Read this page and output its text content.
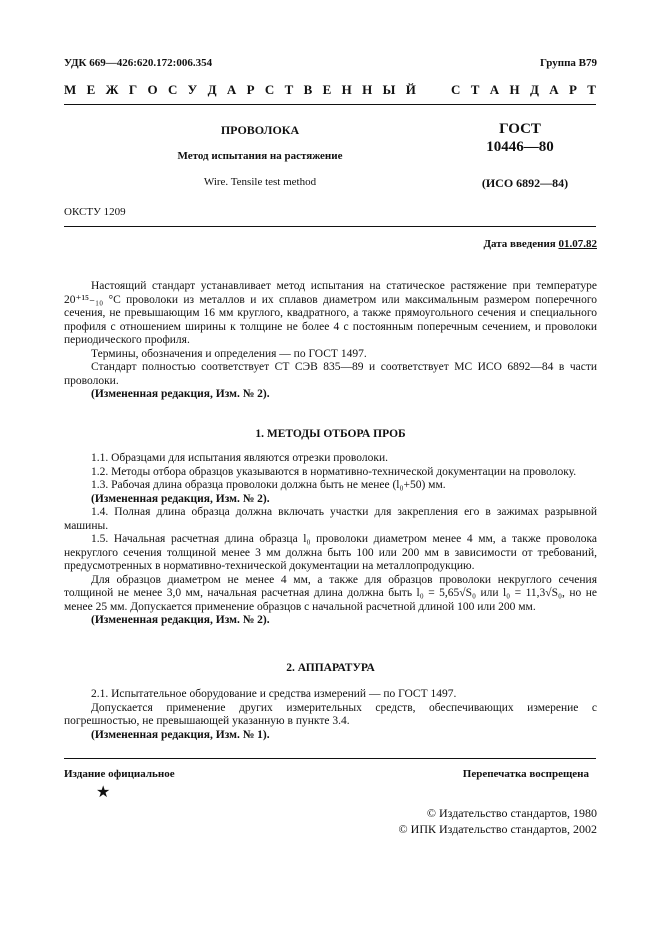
УДК 669—426:620.172:006.354	Группа В79
М Е Ж Г О С У Д А Р С Т В Е Н Н Ы Й	С Т А Н Д А Р Т
ПРОВОЛОКА
Метод испытания на растяжение
Wire. Tensile test method
ГОСТ
10446—80
(ИСО 6892—84)
ОКСТУ 1209
Дата введения 01.07.82

Настоящий стандарт устанавливает метод испытания на статическое растяжение при температуре 20⁺¹⁵₋₁₀ °С проволоки из металлов и их сплавов диаметром или максимальным размером поперечного сечения, не превышающим 16 мм круглого, квадратного, а также прямоугольного сечения и специального профиля с отношением ширины к толщине не более 4 с постоянным поперечным сечением, и проволоки периодического профиля.

Термины, обозначения и определения — по ГОСТ 1497.

Стандарт полностью соответствует СТ СЭВ 835—89 и соответствует МС ИСО 6892—84 в части проволоки.

(Измененная редакция, Изм. № 2).

1. МЕТОДЫ ОТБОРА ПРОБ

1.1. Образцами для испытания являются отрезки проволоки.

1.2. Методы отбора образцов указываются в нормативно-технической документации на проволоку.

1.3. Рабочая длина образца проволоки должна быть не менее (l₀+50) мм.

(Измененная редакция, Изм. № 2).

1.4. Полная длина образца должна включать участки для закрепления его в зажимах разрывной машины.

1.5. Начальная расчетная длина образца l₀ проволоки диаметром менее 4 мм, а также проволока некруглого сечения толщиной менее 3 мм должна быть 100 или 200 мм в зависимости от требований, предусмотренных в нормативно-технической документации на металлопродукцию.

Для образцов диаметром не менее 4 мм, а также для образцов проволоки некруглого сечения толщиной не менее 3,0 мм, начальная расчетная длина должна быть l₀ = 5,65√S₀ или l₀ = 11,3√S₀, но не менее 25 мм. Допускается применение образцов с начальной расчетной длиной 100 или 200 мм.

(Измененная редакция, Изм. № 2).

2. АППАРАТУРА

2.1. Испытательное оборудование и средства измерений — по ГОСТ 1497.

Допускается применение других измерительных средств, обеспечивающих измерение с погрешностью, не превышающей указанную в пункте 3.4.

(Измененная редакция, Изм. № 1).

Издание официальное	Перепечатка воспрещена
★
© Издательство стандартов, 1980
© ИПК Издательство стандартов, 2002
